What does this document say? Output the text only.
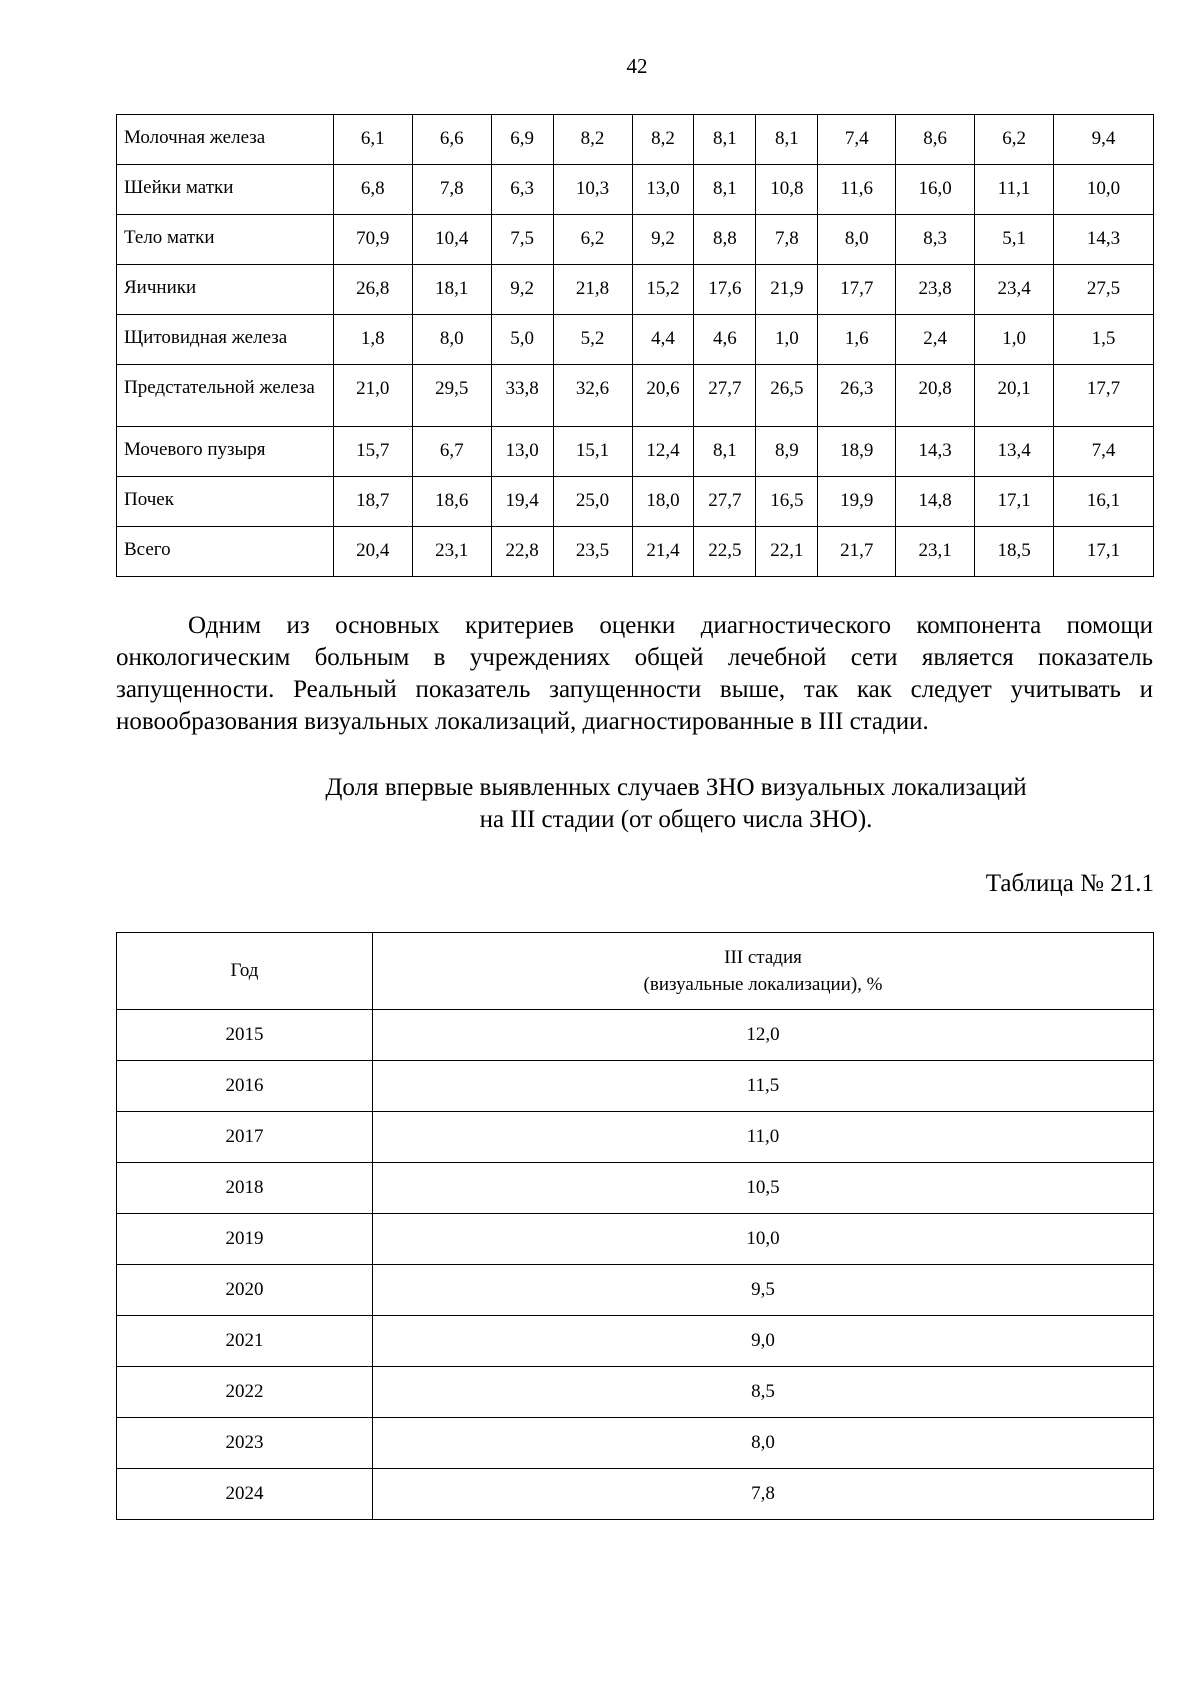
42
Молочная железа	6,1	6,6	6,9	8,2	8,2	8,1	8,1	7,4	8,6	6,2	9,4
Шейки матки	6,8	7,8	6,3	10,3	13,0	8,1	10,8	11,6	16,0	11,1	10,0
Тело матки	70,9	10,4	7,5	6,2	9,2	8,8	7,8	8,0	8,3	5,1	14,3
Яичники	26,8	18,1	9,2	21,8	15,2	17,6	21,9	17,7	23,8	23,4	27,5
Щитовидная железа	1,8	8,0	5,0	5,2	4,4	4,6	1,0	1,6	2,4	1,0	1,5
Предстательной железа	21,0	29,5	33,8	32,6	20,6	27,7	26,5	26,3	20,8	20,1	17,7
Мочевого пузыря	15,7	6,7	13,0	15,1	12,4	8,1	8,9	18,9	14,3	13,4	7,4
Почек	18,7	18,6	19,4	25,0	18,0	27,7	16,5	19,9	14,8	17,1	16,1
Всего	20,4	23,1	22,8	23,5	21,4	22,5	22,1	21,7	23,1	18,5	17,1

Одним из основных критериев оценки диагностического компонента помощи онкологическим больным в учреждениях общей лечебной сети является показатель запущенности. Реальный показатель запущенности выше, так как следует учитывать и новообразования визуальных локализаций, диагностированные в III стадии.

Доля впервые выявленных случаев ЗНО визуальных локализаций
на III стадии (от общего числа ЗНО).
Таблица № 21.1
Год	III стадия
(визуальные локализации), %

2015	12,0
2016	11,5
2017	11,0
2018	10,5
2019	10,0
2020	9,5
2021	9,0
2022	8,5
2023	8,0
2024	7,8
